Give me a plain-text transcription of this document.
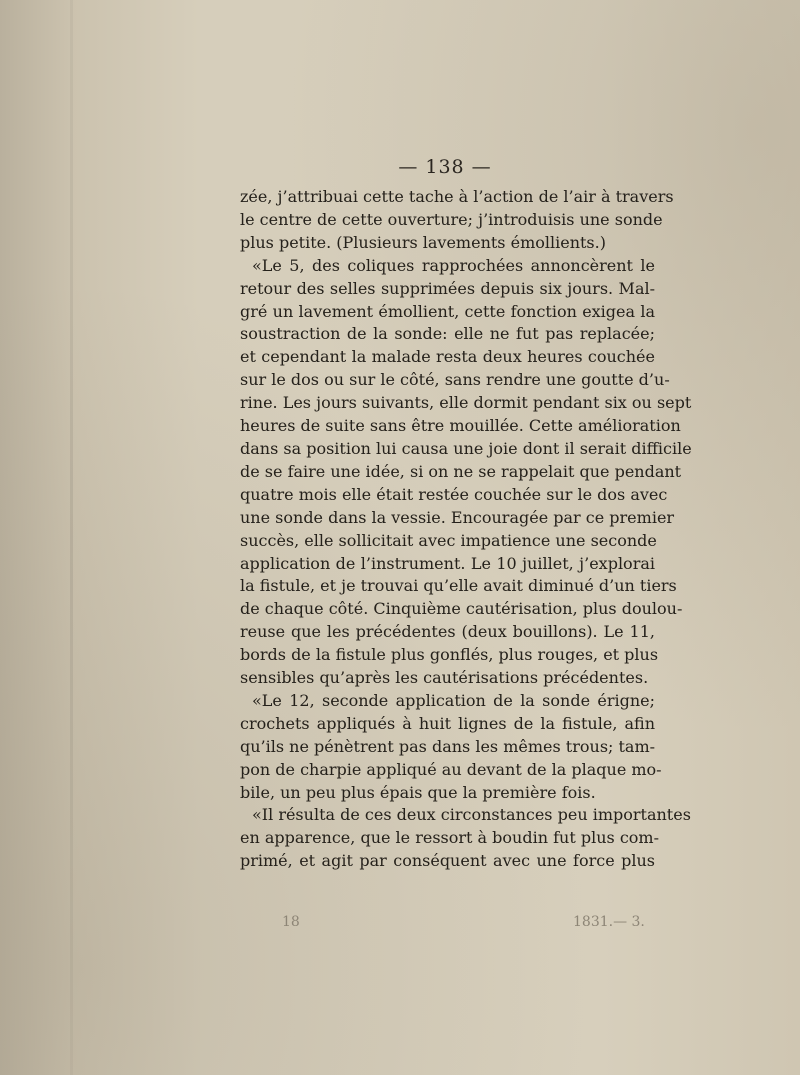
— 138 —
zée, j’attribuai cette tache à l’action de l’air à travers
le centre de cette ouverture; j’introduisis une sonde
plus petite. (Plusieurs lavements émollients.)
«Le 5, des coliques rapprochées annoncèrent le
retour des selles supprimées depuis six jours. Mal-
gré un lavement émollient, cette fonction exigea la
soustraction de la sonde: elle ne fut pas replacée;
et cependant la malade resta deux heures couchée
sur le dos ou sur le côté, sans rendre une goutte d’u-
rine. Les jours suivants, elle dormit pendant six ou sept
heures de suite sans être mouillée. Cette amélioration
dans sa position lui causa une joie dont il serait difficile
de se faire une idée, si on ne se rappelait que pendant
quatre mois elle était restée couchée sur le dos avec
une sonde dans la vessie. Encouragée par ce premier
succès, elle sollicitait avec impatience une seconde
application de l’instrument. Le 10 juillet, j’explorai
la fistule, et je trouvai qu’elle avait diminué d’un tiers
de chaque côté. Cinquième cautérisation, plus doulou-
reuse que les précédentes (deux bouillons). Le 11,
bords de la fistule plus gonflés, plus rouges, et plus
sensibles qu’après les cautérisations précédentes.
«Le 12, seconde application de la sonde érigne;
crochets appliqués à huit lignes de la fistule, afin
qu’ils ne pénètrent pas dans les mêmes trous; tam-
pon de charpie appliqué au devant de la plaque mo-
bile, un peu plus épais que la première fois.
«Il résulta de ces deux circonstances peu importantes
en apparence, que le ressort à boudin fut plus com-
primé, et agit par conséquent avec une force plus
18	1831.— 3.
